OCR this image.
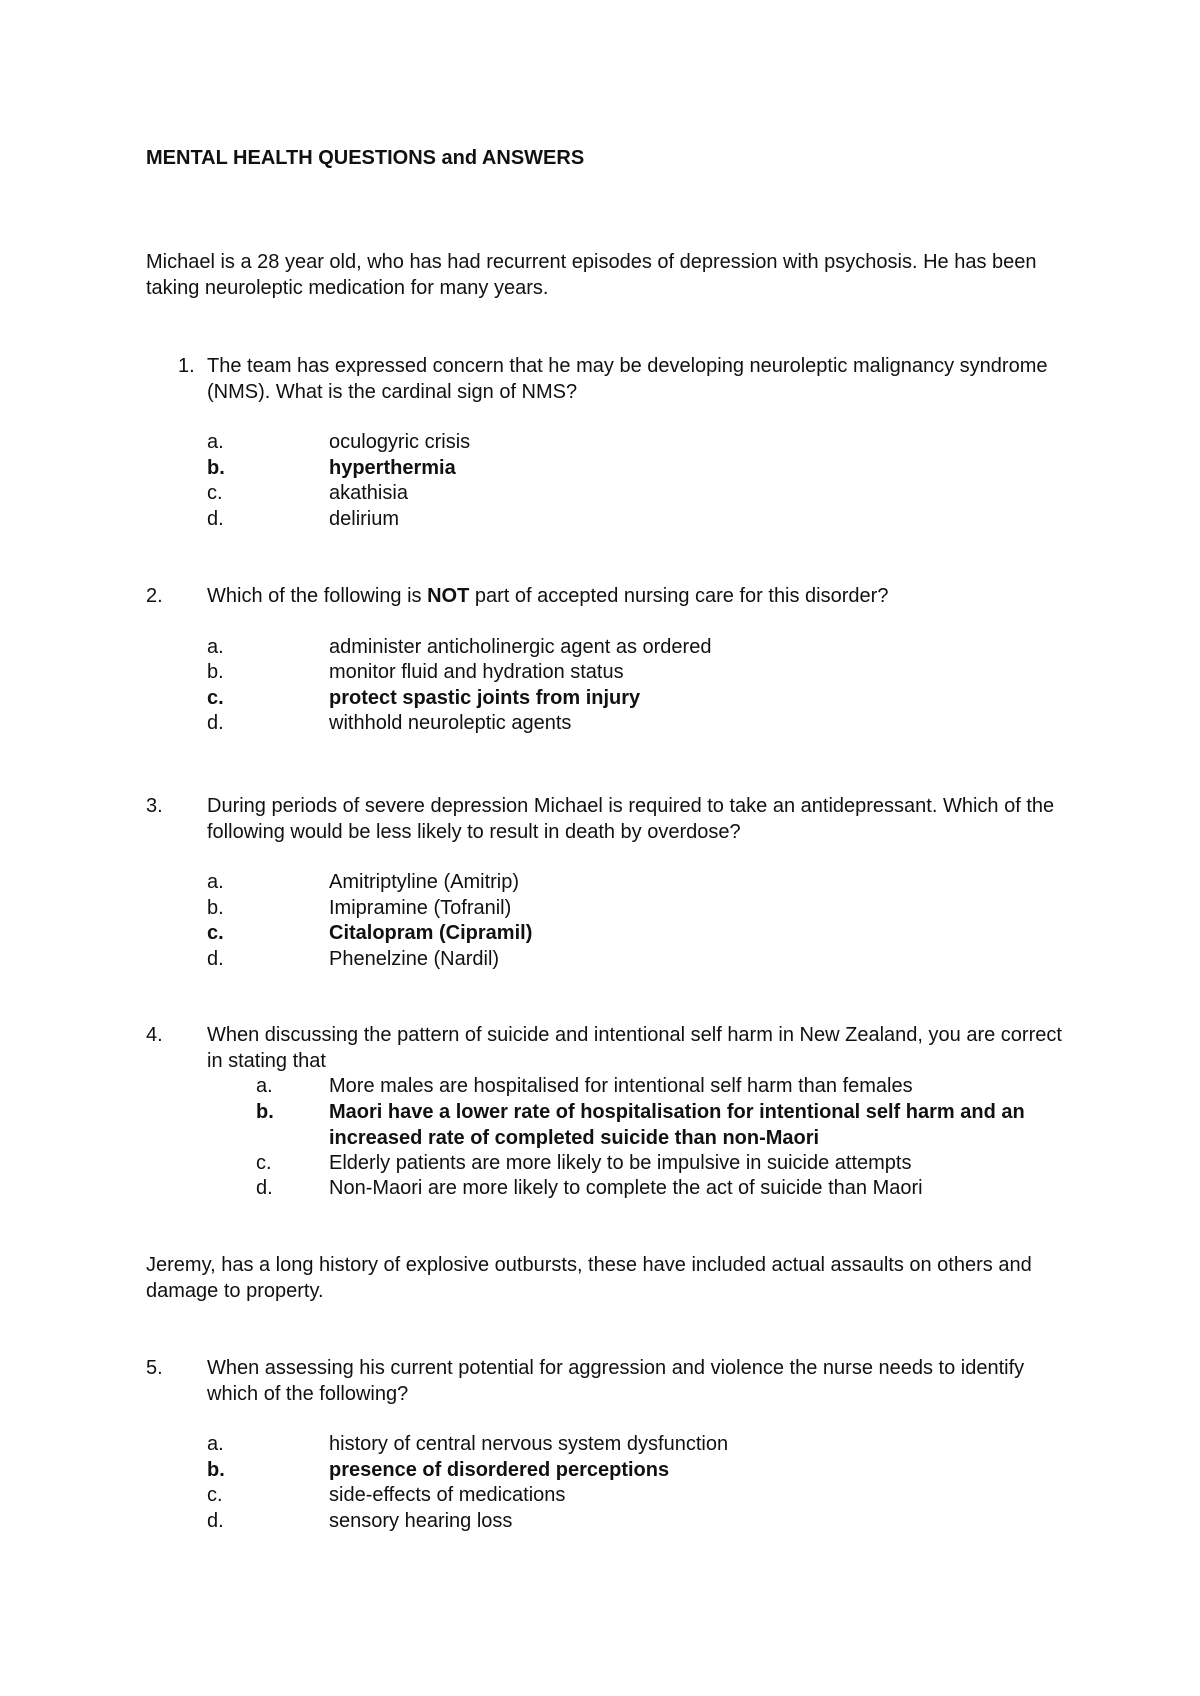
MENTAL HEALTH QUESTIONS and ANSWERS
Michael is a 28 year old, who has had recurrent episodes of depression with psychosis. He has been taking neuroleptic medication for many years.
1. The team has expressed concern that he may be developing neuroleptic malignancy syndrome (NMS). What is the cardinal sign of NMS?
a.	oculogyric crisis
b.	hyperthermia
c.	akathisia
d.	delirium
2. Which of the following is NOT part of accepted nursing care for this disorder?
a.	administer anticholinergic agent as ordered
b.	monitor fluid and hydration status
c.	protect spastic joints from injury
d.	withhold neuroleptic agents
3. During periods of severe depression Michael is required to take an antidepressant. Which of the following would be less likely to result in death by overdose?
a.	Amitriptyline (Amitrip)
b.	Imipramine (Tofranil)
c.	Citalopram (Cipramil)
d.	Phenelzine (Nardil)
4. When discussing the pattern of suicide and intentional self harm in New Zealand, you are correct in stating that
a.	More males are hospitalised for intentional self harm than females
b.	Maori have a lower rate of hospitalisation for intentional self harm and an increased rate of completed suicide than non-Maori
c.	Elderly patients are more likely to be impulsive in suicide attempts
d.	Non-Maori are more likely to complete the act of suicide than Maori
Jeremy, has a long history of explosive outbursts, these have included actual assaults on others and damage to property.
5. When assessing his current potential for aggression and violence the nurse needs to identify which of the following?
a.	history of central nervous system dysfunction
b.	presence of disordered perceptions
c.	side-effects of medications
d.	sensory hearing loss
